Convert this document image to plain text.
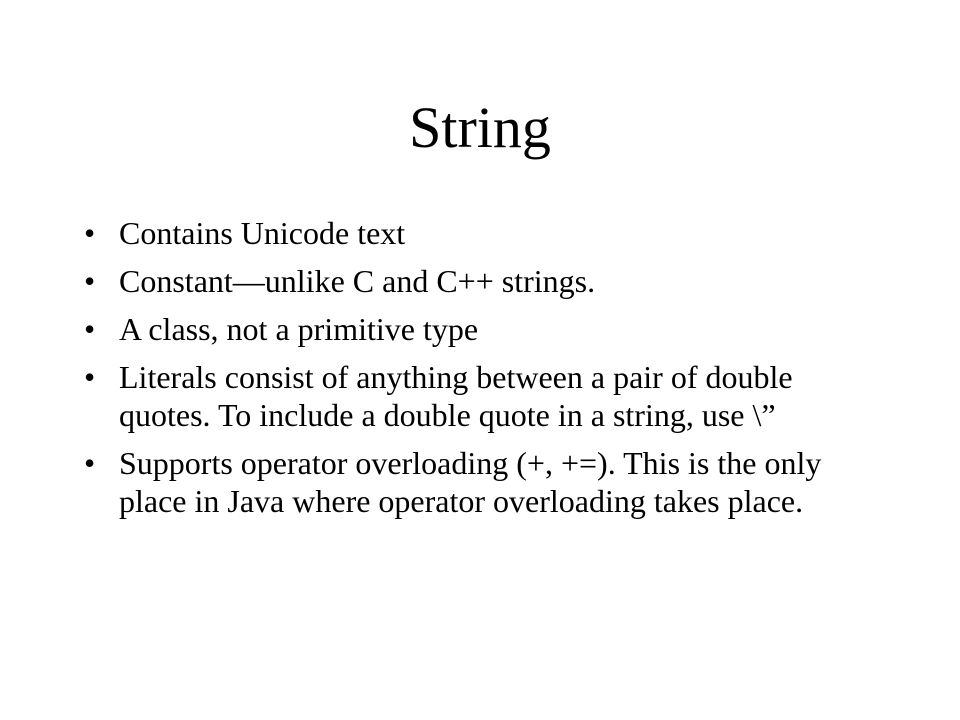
String
• Contains Unicode text
• Constant—unlike C and C++ strings.
• A class, not a primitive type
• Literals consist of anything between a pair of double quotes. To include a double quote in a string, use \”
• Supports operator overloading (+, +=). This is the only place in Java where operator overloading takes place.
